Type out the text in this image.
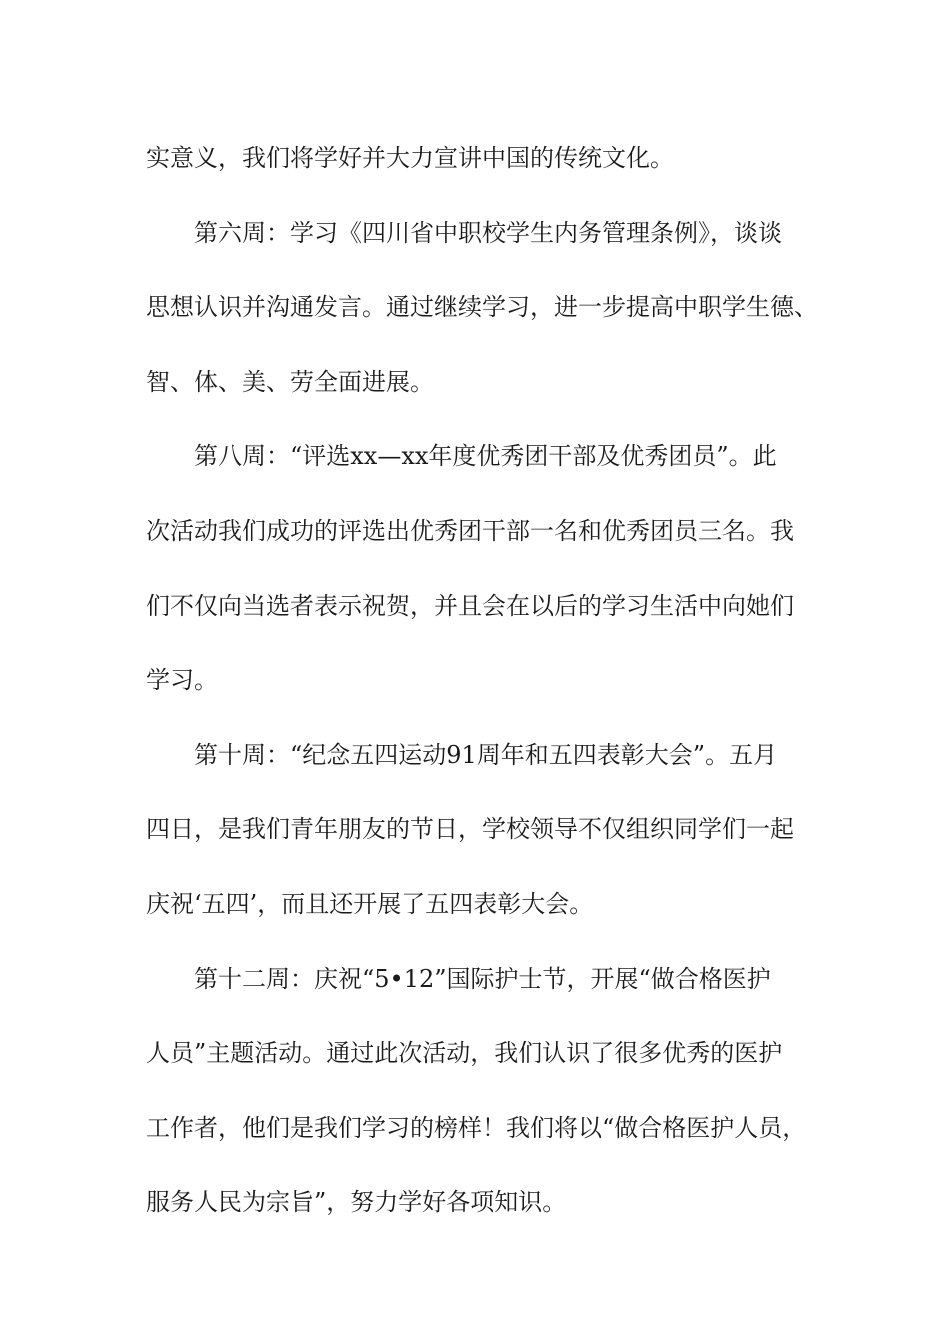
实意义，我们将学好并大力宣讲中国的传统文化。
第六周：学习《四川省中职校学生内务管理条例》，谈谈
思想认识并沟通发言。通过继续学习，进一步提高中职学生德、
智、体、美、劳全面进展。
第八周：“评选xx—xx年度优秀团干部及优秀团员”。此
次活动我们成功的评选出优秀团干部一名和优秀团员三名。我
们不仅向当选者表示祝贺，并且会在以后的学习生活中向她们
学习。
第十周：“纪念五四运动91周年和五四表彰大会”。五月
四日，是我们青年朋友的节日，学校领导不仅组织同学们一起
庆祝‘五四’，而且还开展了五四表彰大会。
第十二周：庆祝“5•12”国际护士节，开展“做合格医护
人员”主题活动。通过此次活动，我们认识了很多优秀的医护
工作者，他们是我们学习的榜样！我们将以“做合格医护人员，
服务人民为宗旨”，努力学好各项知识。
